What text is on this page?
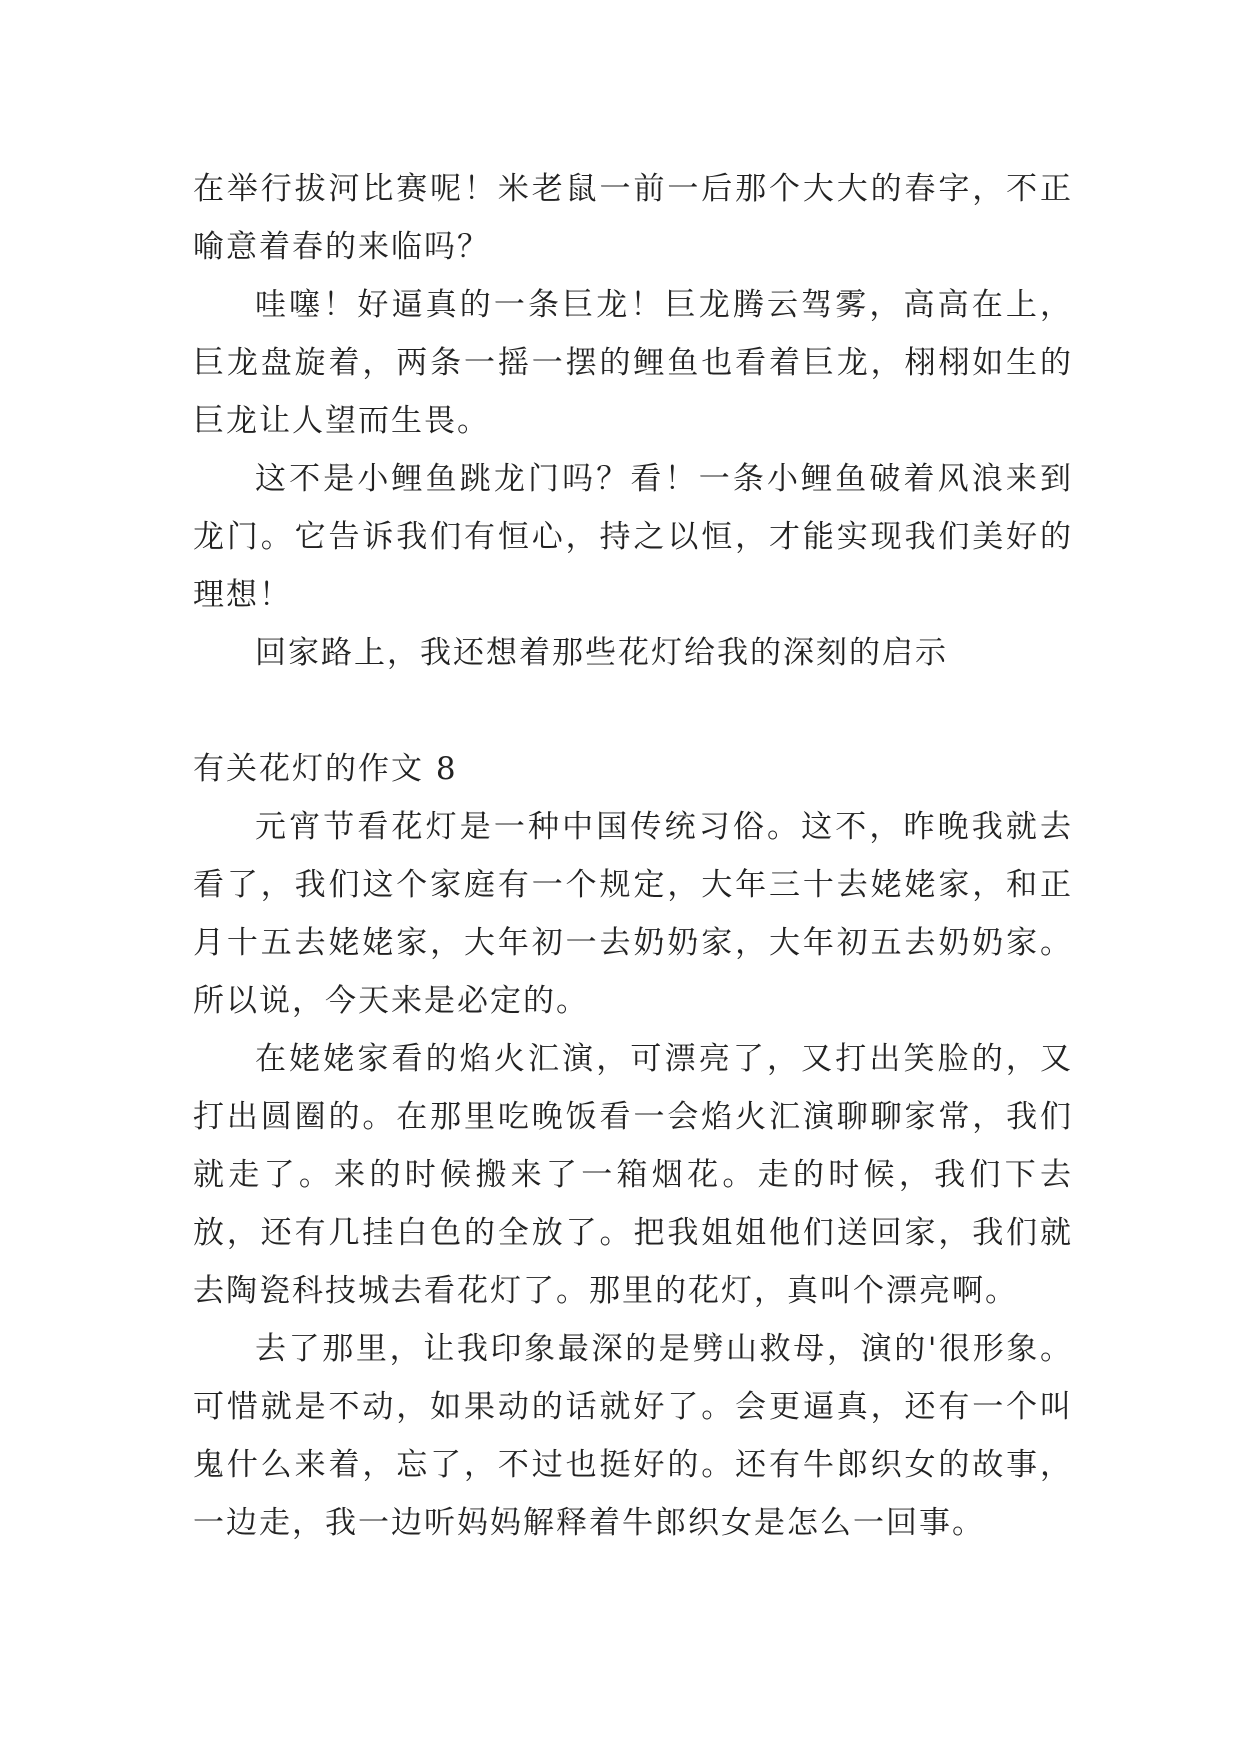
在举行拔河比赛呢！米老鼠一前一后那个大大的春字，不正喻意着春的来临吗？

哇噻！好逼真的一条巨龙！巨龙腾云驾雾，高高在上，巨龙盘旋着，两条一摇一摆的鲤鱼也看着巨龙，栩栩如生的巨龙让人望而生畏。

这不是小鲤鱼跳龙门吗？看！一条小鲤鱼破着风浪来到龙门。它告诉我们有恒心，持之以恒，才能实现我们美好的理想！

回家路上，我还想着那些花灯给我的深刻的启示

有关花灯的作文 8

元宵节看花灯是一种中国传统习俗。这不，昨晚我就去看了，我们这个家庭有一个规定，大年三十去姥姥家，和正月十五去姥姥家，大年初一去奶奶家，大年初五去奶奶家。所以说，今天来是必定的。

在姥姥家看的焰火汇演，可漂亮了，又打出笑脸的，又打出圆圈的。在那里吃晚饭看一会焰火汇演聊聊家常，我们就走了。来的时候搬来了一箱烟花。走的时候，我们下去放，还有几挂白色的全放了。把我姐姐他们送回家，我们就去陶瓷科技城去看花灯了。那里的花灯，真叫个漂亮啊。

去了那里，让我印象最深的是劈山救母，演的'很形象。可惜就是不动，如果动的话就好了。会更逼真，还有一个叫鬼什么来着，忘了，不过也挺好的。还有牛郎织女的故事，一边走，我一边听妈妈解释着牛郎织女是怎么一回事。
